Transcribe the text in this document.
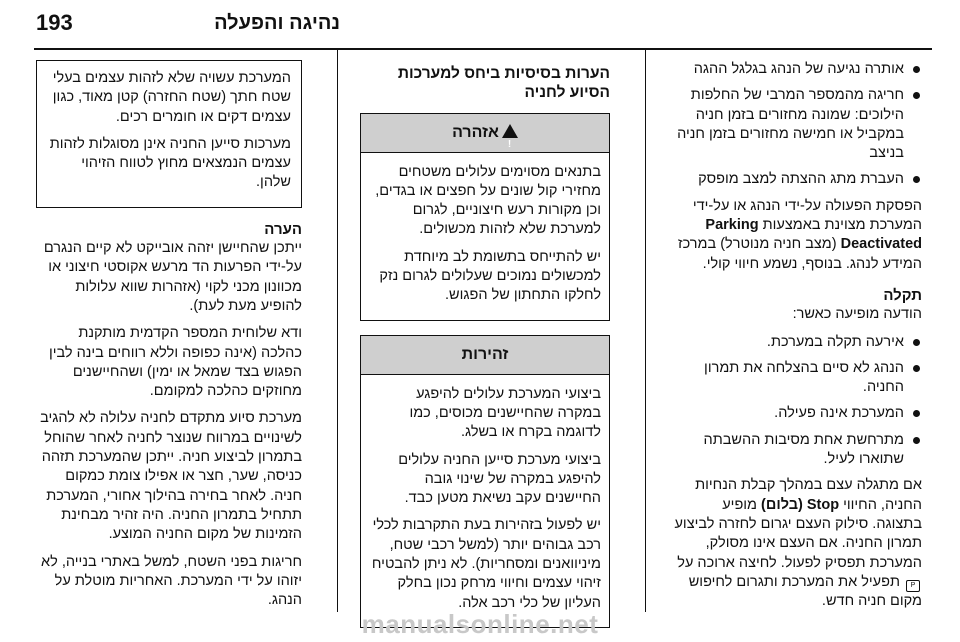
נהיגה והפעלה
193
אותרה נגיעה של הנהג בגלגל ההגה
חריגה מהמספר המרבי של החלפות הילוכים: שמונה מחזורים בזמן חניה במקביל או חמישה מחזורים בזמן חניה בניצב
העברת מתג ההצתה למצב מופסק

הפסקת הפעולה על-ידי הנהג או על-ידי המערכת מצוינת באמצעות Parking Deactivated (מצב חניה מנוטרל) במרכז המידע לנהג. בנוסף, נשמע חיווי קולי.

תקלה

הודעה מופיעה כאשר:

אירעה תקלה במערכת.
הנהג לא סיים בהצלחה את תמרון החניה.
המערכת אינה פעילה.
מתרחשת אחת מסיבות ההשבתה שתוארו לעיל.

אם מתגלה עצם במהלך קבלת הנחיות החניה, החיווי Stop (בלום) מופיע בתצוגה. סילוק העצם יגרום לחזרה לביצוע תמרון החניה. אם העצם אינו מסולק, המערכת תפסיק לפעול. לחיצה ארוכה על P תפעיל את המערכת ותגרום לחיפוש מקום חניה חדש.

הערות בסיסיות ביחס למערכות הסיוע לחניה
!אזהרה

בתנאים מסוימים עלולים משטחים מחזירי קול שונים על חפצים או בגדים, וכן מקורות רעש חיצוניים, לגרום למערכת שלא לזהות מכשולים.

יש להתייחס בתשומת לב מיוחדת למכשולים נמוכים שעלולים לגרום נזק לחלקו התחתון של הפגוש.

זהירות

ביצועי המערכת עלולים להיפגע במקרה שהחיישנים מכוסים, כמו לדוגמה בקרח או בשלג.

ביצועי מערכת סייען החניה עלולים להיפגע במקרה של שינוי גובה החיישנים עקב נשיאת מטען כבד.

יש לפעול בזהירות בעת התקרבות לכלי רכב גבוהים יותר (למשל רכבי שטח, מיניוואנים ומסחריות). לא ניתן להבטיח זיהוי עצמים וחיווי מרחק נכון בחלק העליון של כלי רכב אלה.

המערכת עשויה שלא לזהות עצמים בעלי שטח חתך (שטח החזרה) קטן מאוד, כגון עצמים דקים או חומרים רכים.

מערכות סייען החניה אינן מסוגלות לזהות עצמים הנמצאים מחוץ לטווח הזיהוי שלהן.

הערה

ייתכן שהחיישן יזהה אובייקט לא קיים הנגרם על-ידי הפרעות הד מרעש אקוסטי חיצוני או מכוונון מכני לקוי (אזהרות שווא עלולות להופיע מעת לעת).

ודא שלוחית המספר הקדמית מותקנת כהלכה (אינה כפופה וללא רווחים בינה לבין הפגוש בצד שמאל או ימין) ושהחיישנים מחוזקים כהלכה למקומם.

מערכת סיוע מתקדם לחניה עלולה לא להגיב לשינויים במרווח שנוצר לחניה לאחר שהוחל בתמרון לביצוע חניה. ייתכן שהמערכת תזהה כניסה, שער, חצר או אפילו צומת כמקום חניה. לאחר בחירה בהילוך אחורי, המערכת תתחיל בתמרון החניה. היה זהיר מבחינת הזמינות של מקום החניה המוצע.

חריגות בפני השטח, למשל באתרי בנייה, לא יזוהו על ידי המערכת. האחריות מוטלת על הנהג.

manualsonline.net
